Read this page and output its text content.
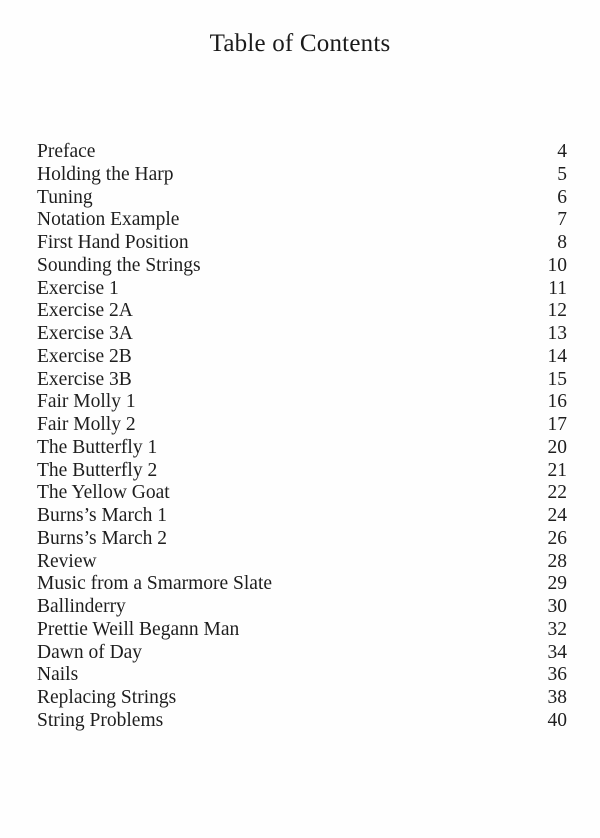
Table of Contents
Preface	4
Holding the Harp	5
Tuning	6
Notation Example	7
First Hand Position	8
Sounding the Strings	10
Exercise 1	11
Exercise 2A	12
Exercise 3A	13
Exercise 2B	14
Exercise 3B	15
Fair Molly 1	16
Fair Molly 2	17
The Butterfly 1	20
The Butterfly 2	21
The Yellow Goat	22
Burns’s March 1	24
Burns’s March 2	26
Review	28
Music from a Smarmore Slate	29
Ballinderry	30
Prettie Weill Begann Man	32
Dawn of Day	34
Nails	36
Replacing Strings	38
String Problems	40
